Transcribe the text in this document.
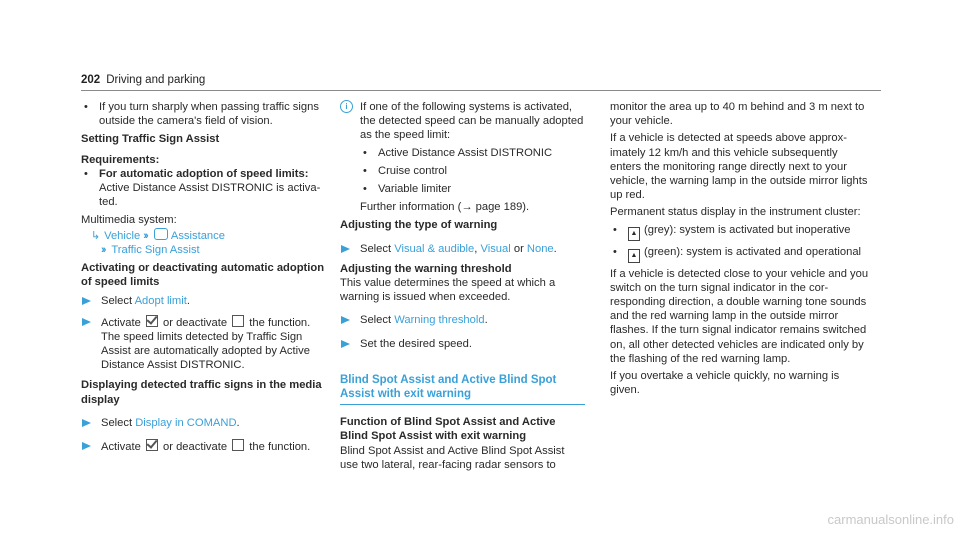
202 Driving and parking
• If you turn sharply when passing traffic signs outside the camera's field of vision.

Setting Traffic Sign Assist

Requirements:

• For automatic adoption of speed limits:
Active Distance Assist DISTRONIC is activated.

Multimedia system:

↳ Vehicle ›› Assistance
›› Traffic Sign Assist

Activating or deactivating automatic adoption of speed limits

Select Adopt limit.
Activate  or deactivate  the function.

The speed limits detected by Traffic Sign Assist are automatically adopted by Active Distance Assist DISTRONIC.

Displaying detected traffic signs in the media display

Select Display in COMAND.
Activate  or deactivate  the function.
i	If one of the following systems is activated, the detected speed can be manually adopted as the speed limit:

• Active Distance Assist DISTRONIC
• Cruise control
• Variable limiter

Further information (→ page 189).

Adjusting the type of warning

Select Visual & audible, Visual or None.

Adjusting the warning threshold

This value determines the speed at which a warning is issued when exceeded.

Select Warning threshold.
Set the desired speed.

Blind Spot Assist and Active Blind Spot Assist with exit warning

Function of Blind Spot Assist and Active Blind Spot Assist with exit warning

Blind Spot Assist and Active Blind Spot Assist use two lateral, rear-facing radar sensors to

monitor the area up to 40 m behind and 3 m next to your vehicle.

If a vehicle is detected at speeds above approximately 12 km/h and this vehicle subsequently enters the monitoring range directly next to your vehicle, the warning lamp in the outside mirror lights up red.

Permanent status display in the instrument cluster:

• ▲ (grey): system is activated but inoperative
• ▲ (green): system is activated and operational

If a vehicle is detected close to your vehicle and you switch on the turn signal indicator in the corresponding direction, a double warning tone sounds and the red warning lamp in the outside mirror flashes. If the turn signal indicator remains switched on, all other detected vehicles are indicated only by the flashing of the red warning lamp.

If you overtake a vehicle quickly, no warning is given.

carmanualsonline.info
